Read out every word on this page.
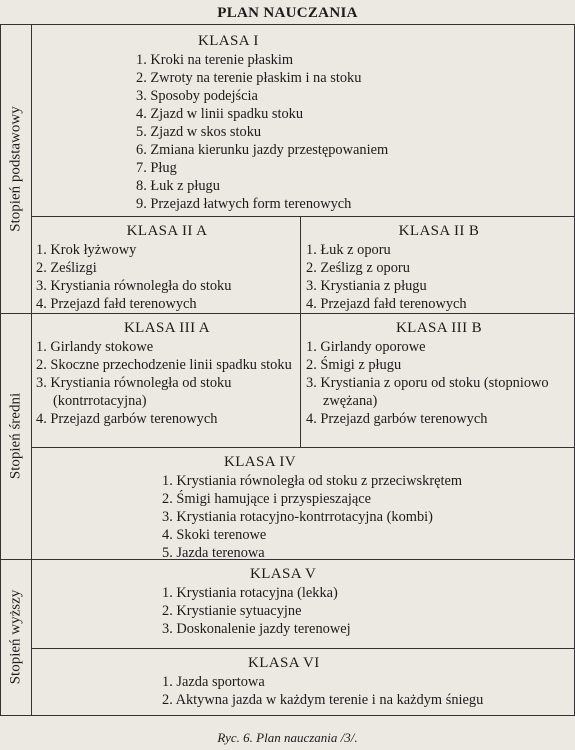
PLAN NAUCZANIA
Stopień podstawowy
Stopień średni
Stopień wyższy
KLASA I
1. Kroki na terenie płaskim
2. Zwroty na terenie płaskim i na stoku
3. Sposoby podejścia
4. Zjazd w linii spadku stoku
5. Zjazd w skos stoku
6. Zmiana kierunku jazdy przestępowaniem
7. Pług
8. Łuk z pługu
9. Przejazd łatwych form terenowych
KLASA II A
1. Krok łyżwowy
2. Ześlizgi
3. Krystiania równoległa do stoku
4. Przejazd fałd terenowych
KLASA II B
1. Łuk z oporu
2. Ześlizg z oporu
3. Krystiania z pługu
4. Przejazd fałd terenowych
KLASA III A
1. Girlandy stokowe
2. Skoczne przechodzenie linii spadku stoku
3. Krystiania równoległa od stoku (kontrrotacyjna)
4. Przejazd garbów terenowych
KLASA III B
1. Girlandy oporowe
2. Śmigi z pługu
3. Krystiania z oporu od stoku (stopniowo zwężana)
4. Przejazd garbów terenowych
KLASA IV
1. Krystiania równoległa od stoku z przeciwskrętem
2. Śmigi hamujące i przyspieszające
3. Krystiania rotacyjno-kontrrotacyjna (kombi)
4. Skoki terenowe
5. Jazda terenowa
KLASA V
1. Krystiania rotacyjna (lekka)
2. Krystianie sytuacyjne
3. Doskonalenie jazdy terenowej
KLASA VI
1. Jazda sportowa
2. Aktywna jazda w każdym terenie i na każdym śniegu
Ryc. 6. Plan nauczania /3/.
